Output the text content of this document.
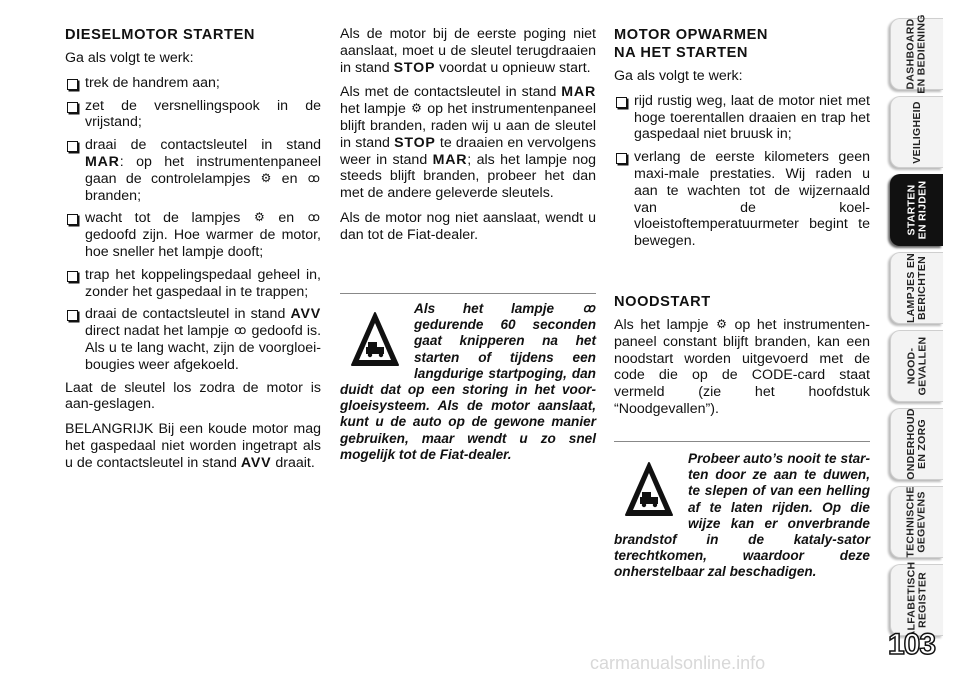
DIESELMOTOR STARTEN

Ga als volgt te werk:

trek de handrem aan;
zet de versnellingspook in de vrijstand;
draai de contactsleutel in stand MAR: op het instrumentenpaneel gaan de controlelampjes ⚙ en ꝏ branden;
wacht tot de lampjes ⚙ en ꝏ gedoofd zijn. Hoe warmer de motor, hoe sneller het lampje dooft;
trap het koppelingspedaal geheel in, zonder het gaspedaal in te trappen;
draai de contactsleutel in stand AVV direct nadat het lampje ꝏ gedoofd is. Als u te lang wacht, zijn de voorgloei-bougies weer afgekoeld.

Laat de sleutel los zodra de motor is aan-geslagen.

BELANGRIJK Bij een koude motor mag het gaspedaal niet worden ingetrapt als u de contactsleutel in stand AVV draait.

Als de motor bij de eerste poging niet aanslaat, moet u de sleutel terugdraaien in stand STOP voordat u opnieuw start.

Als met de contactsleutel in stand MAR het lampje ⚙ op het instrumentenpaneel blijft branden, raden wij u aan de sleutel in stand STOP te draaien en vervolgens weer in stand MAR; als het lampje nog steeds blijft branden, probeer het dan met de andere geleverde sleutels.

Als de motor nog niet aanslaat, wendt u dan tot de Fiat-dealer.

Als het lampje ꝏ gedurende 60 seconden gaat knipperen na het starten of tijdens een langdurige startpoging, dan duidt dat op een storing in het voor-gloeisysteem. Als de motor aanslaat, kunt u de auto op de gewone manier gebruiken, maar wendt u zo snel mogelijk tot de Fiat-dealer.
MOTOR OPWARMEN
NA HET STARTEN

Ga als volgt te werk:

rijd rustig weg, laat de motor niet met hoge toerentallen draaien en trap het gaspedaal niet bruusk in;
verlang de eerste kilometers geen maxi-male prestaties. Wij raden u aan te wachten tot de wijzernaald van de koel-vloeistoftemperatuurmeter begint te bewegen.
NOODSTART

Als het lampje ⚙ op het instrumenten-paneel constant blijft branden, kan een noodstart worden uitgevoerd met de code die op de CODE-card staat vermeld (zie het hoofdstuk “Noodgevallen”).

Probeer auto’s nooit te star-ten door ze aan te duwen, te slepen of van een helling af te laten rijden. Op die wijze kan er onverbrande brandstof in de kataly-sator terechtkomen, waardoor deze onherstelbaar zal beschadigen.
DASHBOARD
EN BEDIENING
VEILIGHEID
STARTEN
EN RIJDEN
LAMPJES EN
BERICHTEN
NOOD-
GEVALLEN
ONDERHOUD
EN ZORG
TECHNISCHE
GEGEVENS
ALFABETISCH
REGISTER
103
carmanualsonline.info
